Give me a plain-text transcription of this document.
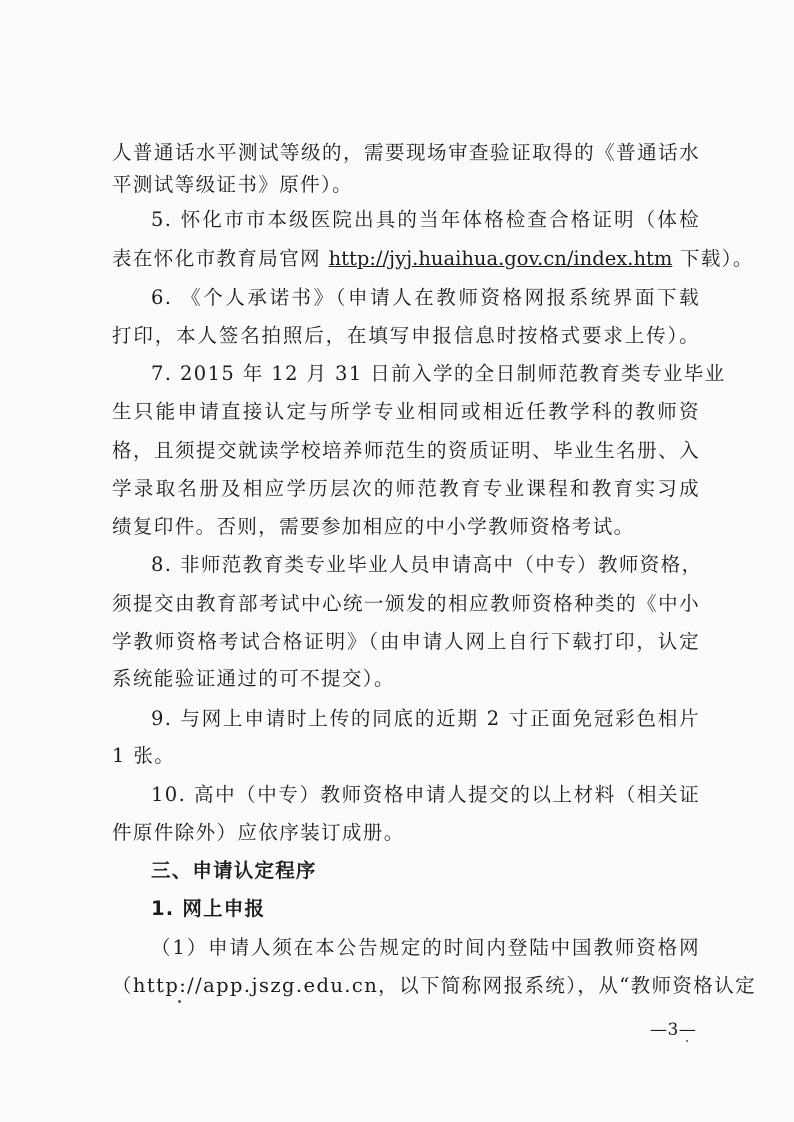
人普通话水平测试等级的，需要现场审查验证取得的《普通话水
平测试等级证书》原件）。
5. 怀化市市本级医院出具的当年体格检查合格证明（体检
表在怀化市教育局官网 http://jyj.huaihua.gov.cn/index.htm 下载）。
6. 《个人承诺书》（申请人在教师资格网报系统界面下载
打印，本人签名拍照后，在填写申报信息时按格式要求上传）。
7. 2015 年 12 月 31 日前入学的全日制师范教育类专业毕业
生只能申请直接认定与所学专业相同或相近任教学科的教师资
格，且须提交就读学校培养师范生的资质证明、毕业生名册、入
学录取名册及相应学历层次的师范教育专业课程和教育实习成
绩复印件。否则，需要参加相应的中小学教师资格考试。
8. 非师范教育类专业毕业人员申请高中（中专）教师资格，
须提交由教育部考试中心统一颁发的相应教师资格种类的《中小
学教师资格考试合格证明》（由申请人网上自行下载打印，认定
系统能验证通过的可不提交）。
9. 与网上申请时上传的同底的近期 2 寸正面免冠彩色相片
1 张。
10. 高中（中专）教师资格申请人提交的以上材料（相关证
件原件除外）应依序装订成册。
三、申请认定程序
1. 网上申报
（1）申请人须在本公告规定的时间内登陆中国教师资格网
（http://app.jszg.edu.cn，以下简称网报系统），从“教师资格认定
—3—
